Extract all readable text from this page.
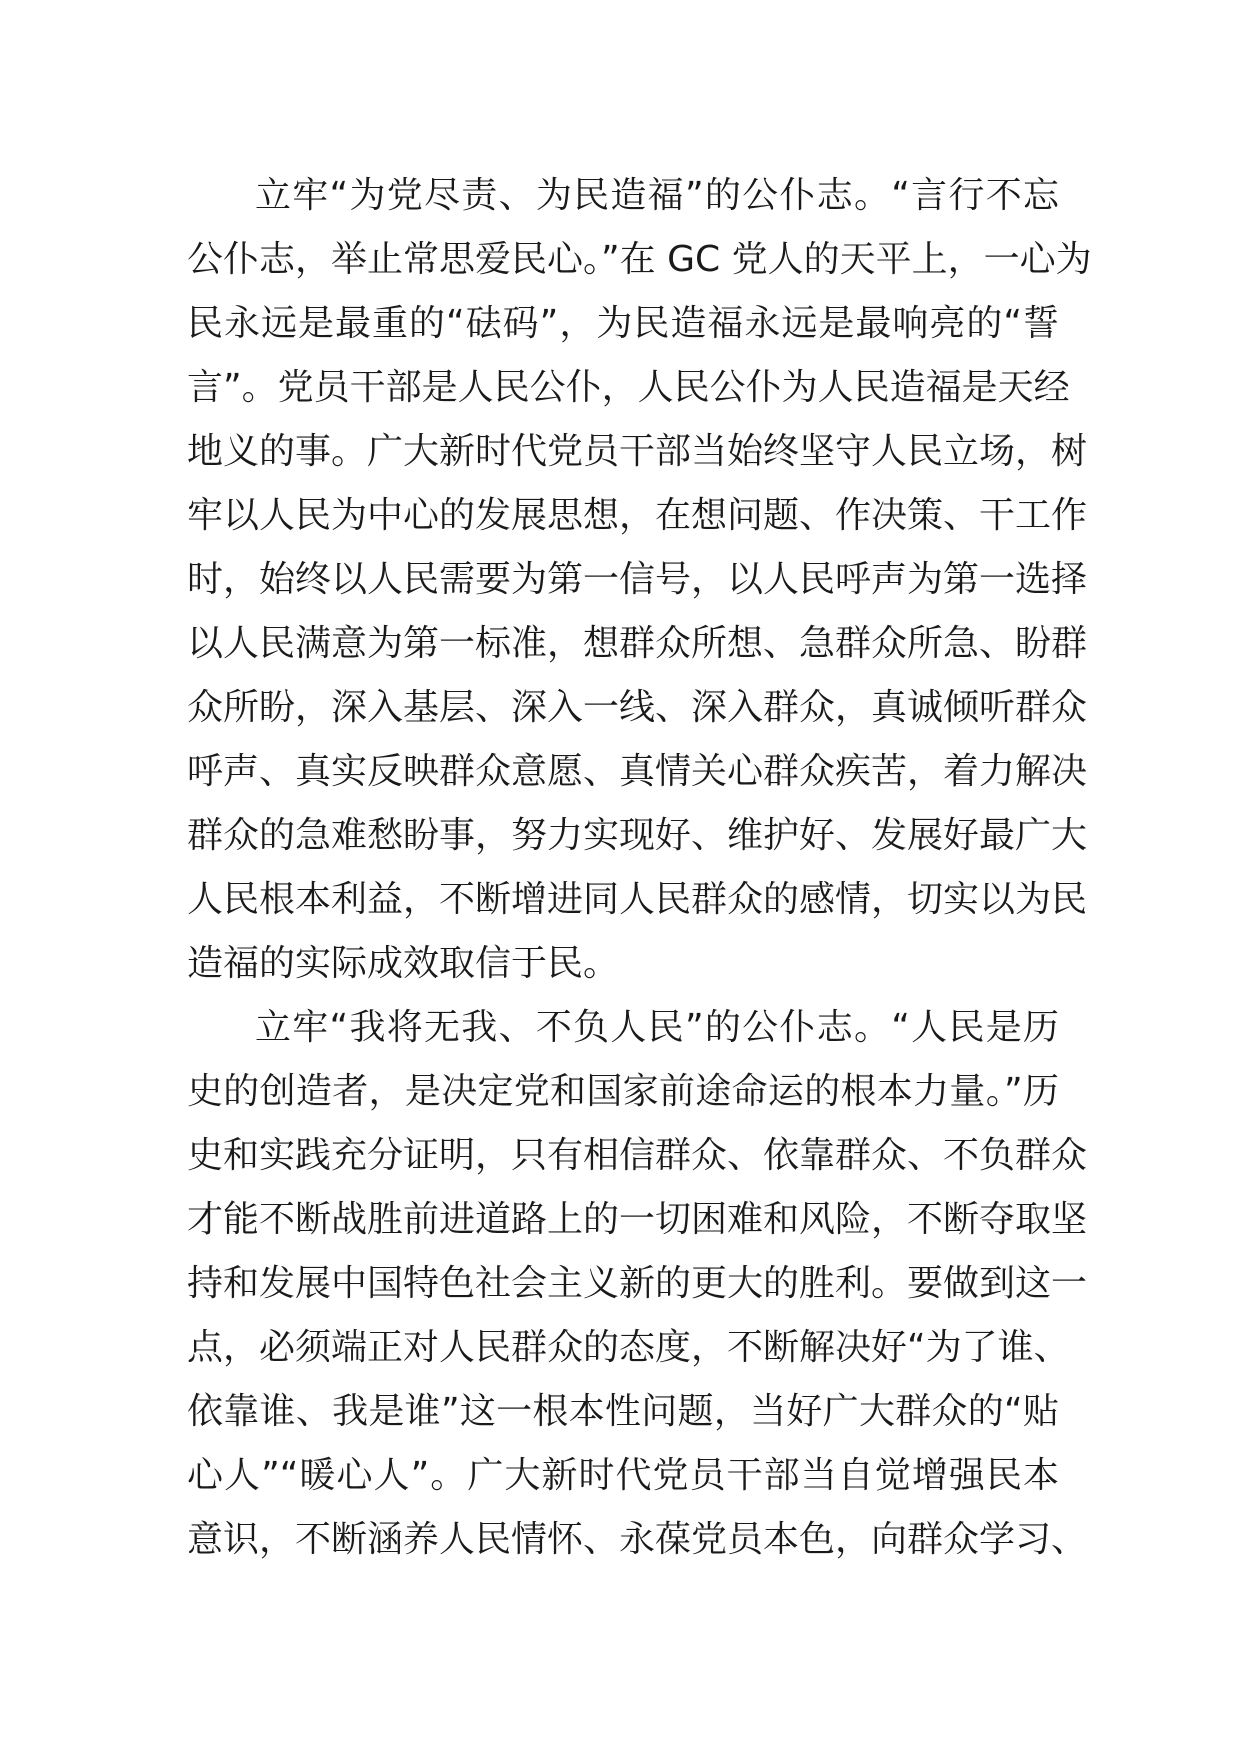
立牢“为党尽责、为民造福”的公仆志。“言行不忘
公仆志，举止常思爱民心。”在 GC 党人的天平上，一心为
民永远是最重的“砝码”，为民造福永远是最响亮的“誓
言”。党员干部是人民公仆，人民公仆为人民造福是天经
地义的事。广大新时代党员干部当始终坚守人民立场，树
牢以人民为中心的发展思想，在想问题、作决策、干工作
时，始终以人民需要为第一信号，以人民呼声为第一选择
以人民满意为第一标准，想群众所想、急群众所急、盼群
众所盼，深入基层、深入一线、深入群众，真诚倾听群众
呼声、真实反映群众意愿、真情关心群众疾苦，着力解决
群众的急难愁盼事，努力实现好、维护好、发展好最广大
人民根本利益，不断增进同人民群众的感情，切实以为民
造福的实际成效取信于民。
立牢“我将无我、不负人民”的公仆志。“人民是历
史的创造者，是决定党和国家前途命运的根本力量。”历
史和实践充分证明，只有相信群众、依靠群众、不负群众
才能不断战胜前进道路上的一切困难和风险，不断夺取坚
持和发展中国特色社会主义新的更大的胜利。要做到这一
点，必须端正对人民群众的态度，不断解决好“为了谁、
依靠谁、我是谁”这一根本性问题，当好广大群众的“贴
心人”“暖心人”。广大新时代党员干部当自觉增强民本
意识，不断涵养人民情怀、永葆党员本色，向群众学习、
